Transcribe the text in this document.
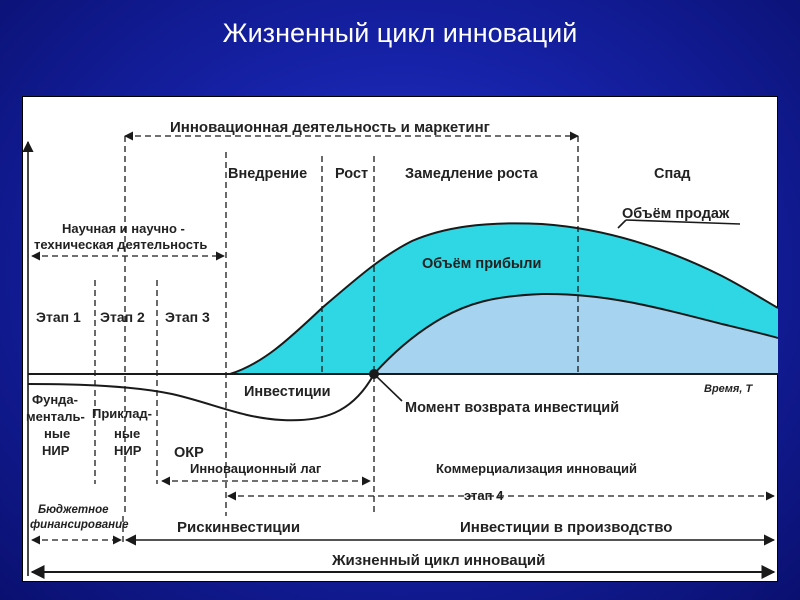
Жизненный цикл инноваций
Инновационная деятельность и маркетинг
Внедрение Рост	Замедление роста	Спад
Объём продаж
Объём прибыли
Научная и научно -
техническая деятельность
Этап 1 Этап 2 Этап 3
Фунда-
менталь-
ные
НИР
Приклад-
ные
НИР ОКР
Инвестиции	Время, Т
Момент возврата инвестиций
Инновационный лаг	Коммерциализация инноваций
этап 4
Бюджетное
финансирование	Рискинвестиции	Инвестиции в производство
Жизненный цикл инноваций
